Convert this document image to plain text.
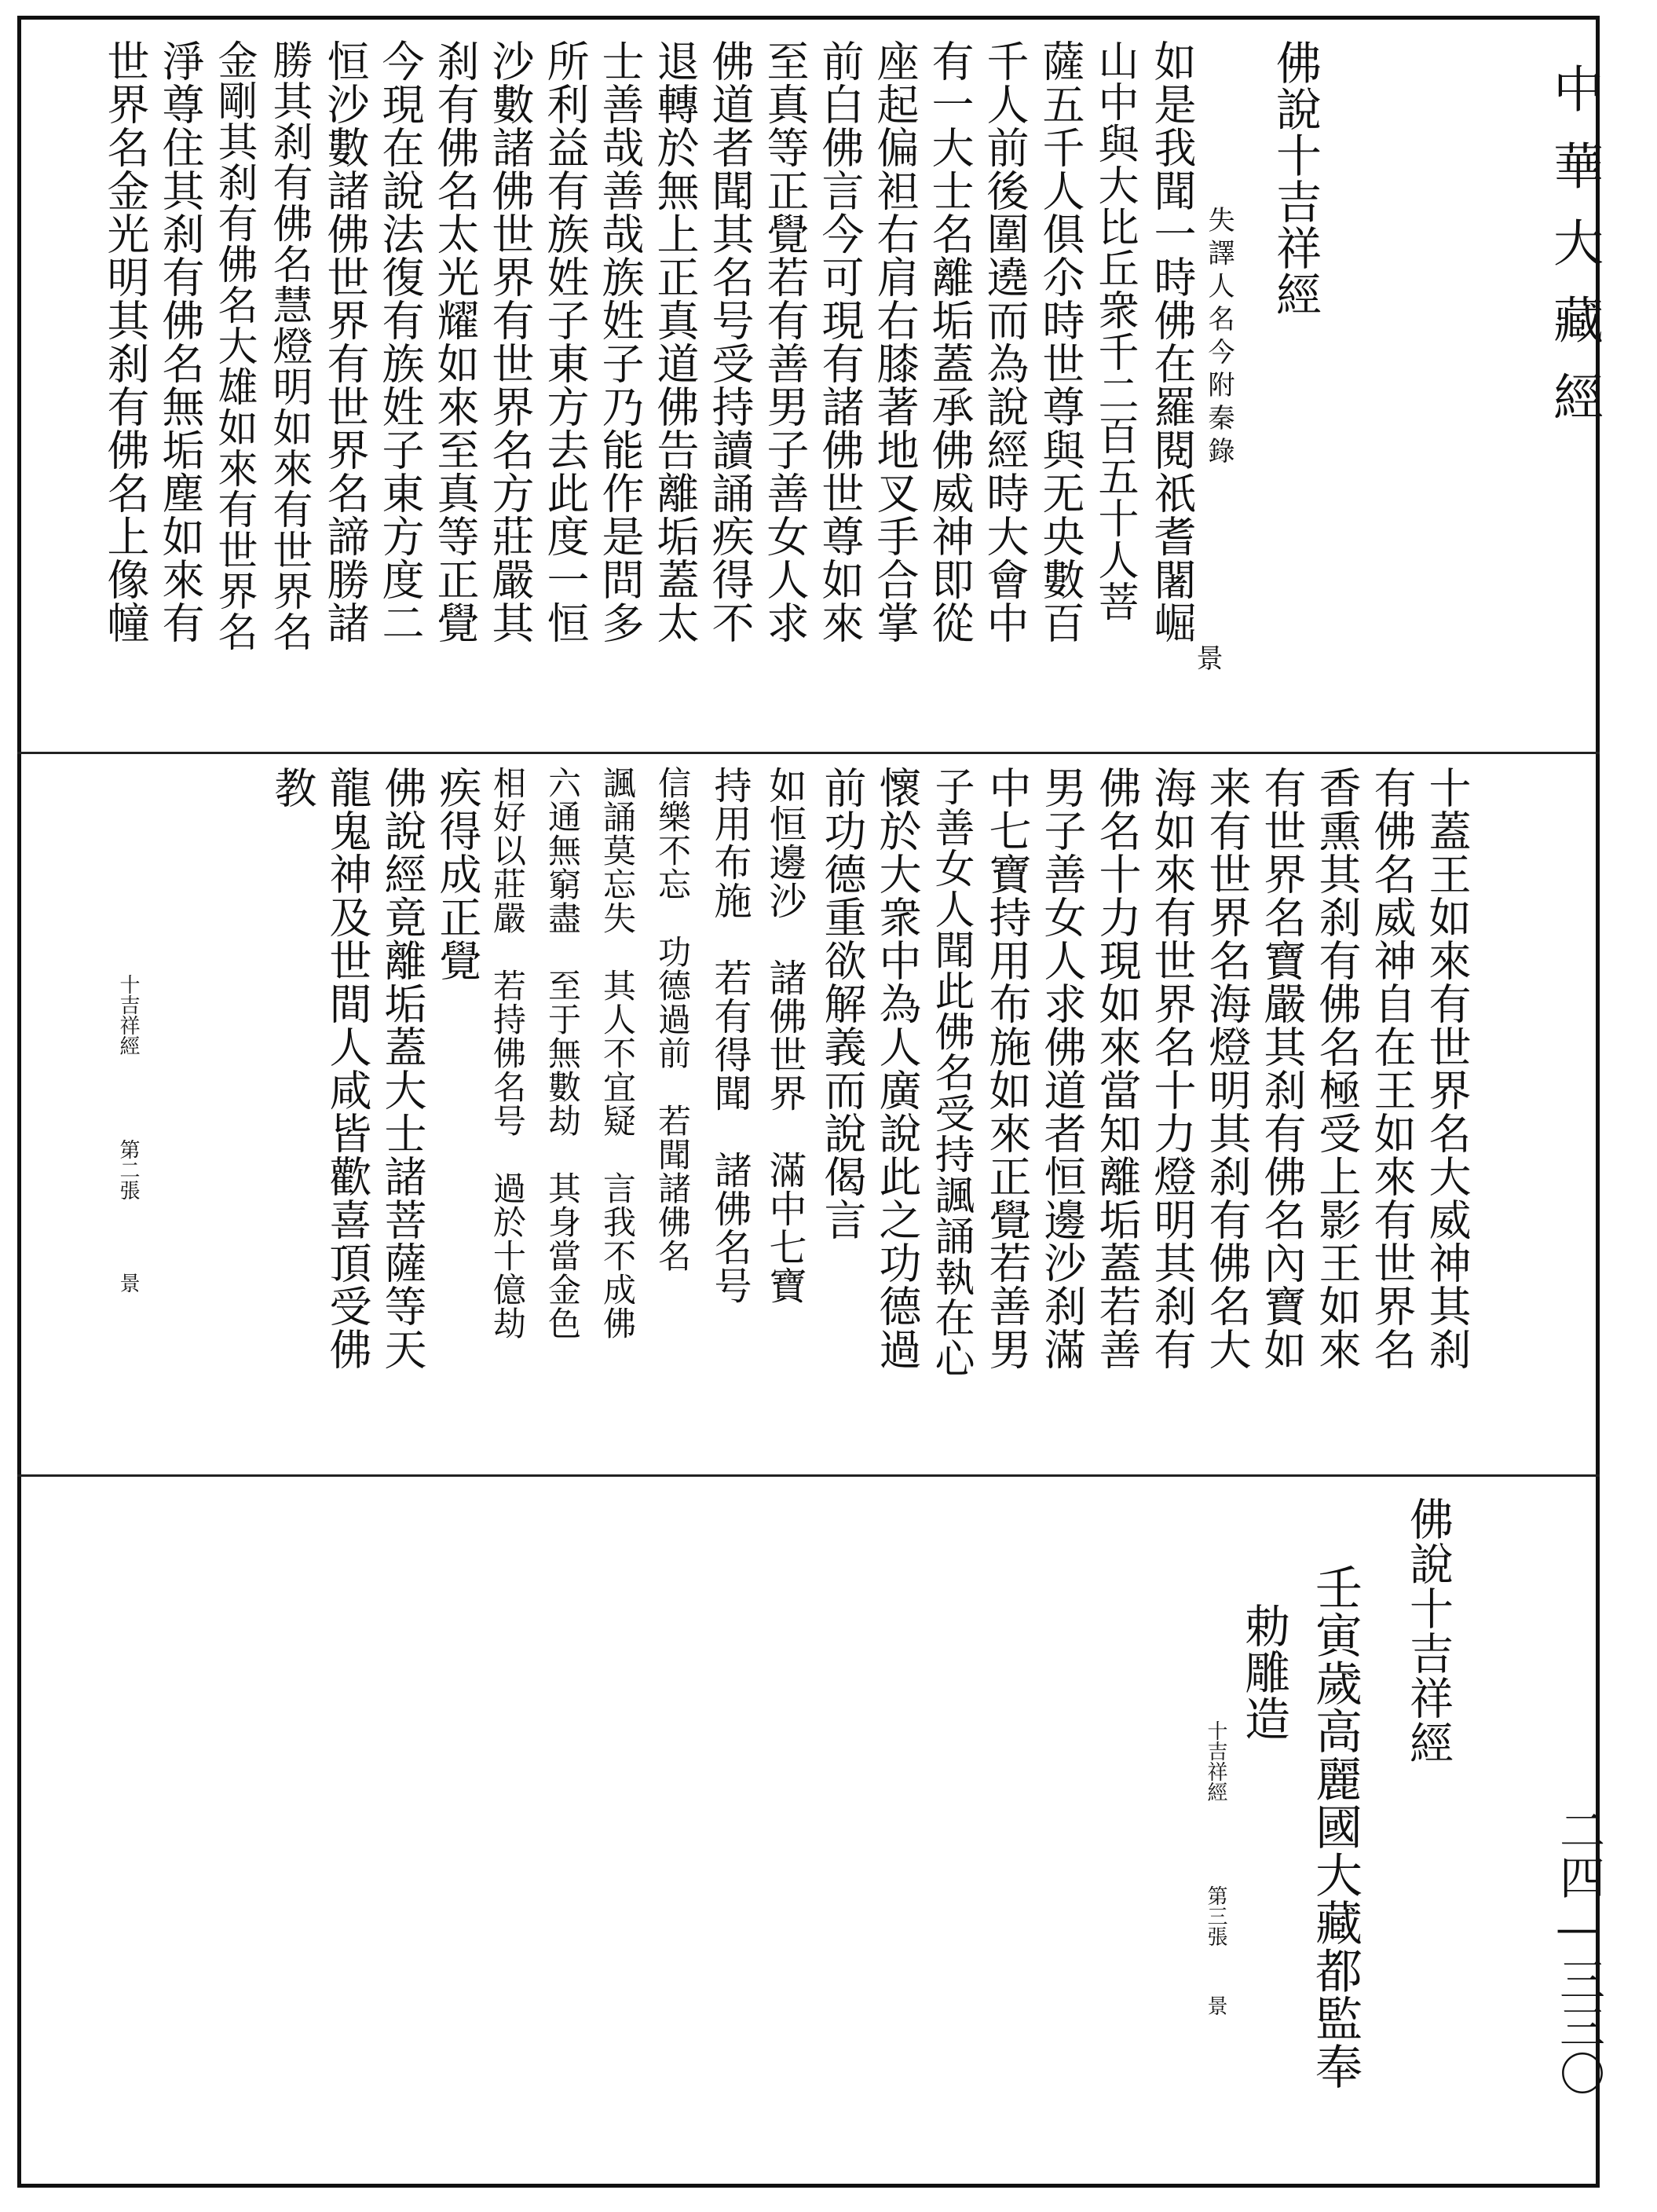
中華大藏經
二四—三三〇
佛說十吉祥經
失譯人名今附秦錄
景
如是我聞一時佛在羅閱祇耆闍崛
山中與大比丘衆千二百五十人菩
薩五千人俱尒時世尊與无央數百
千人前後圍遶而為說經時大會中
有一大士名離垢蓋承佛威神即從
座起偏袒右肩右膝著地叉手合掌
前白佛言今可現有諸佛世尊如來
至真等正覺若有善男子善女人求
佛道者聞其名号受持讀誦疾得不
退轉於無上正真道佛告離垢蓋太
士善哉善哉族姓子乃能作是問多
所利益有族姓子東方去此度一恒
沙數諸佛世界有世界名方莊嚴其
刹有佛名太光耀如來至真等正覺
今現在說法復有族姓子東方度二
恒沙數諸佛世界有世界名諦勝諸
勝其刹有佛名慧燈明如來有世界名
金剛其刹有佛名大雄如來有世界名
淨尊住其刹有佛名無垢塵如來有
世界名金光明其刹有佛名上像幢
十蓋王如來有世界名大威神其刹
有佛名威神自在王如來有世界名
香熏其刹有佛名極受上影王如來
有世界名寶嚴其刹有佛名內寶如
来有世界名海燈明其刹有佛名大
海如來有世界名十力燈明其刹有
佛名十力現如來當知離垢蓋若善
男子善女人求佛道者恒邊沙刹滿
中七寶持用布施如來正覺若善男
子善女人聞此佛名受持諷誦執在心
懷於大衆中為人廣說此之功德過
前功德重欲解義而說偈言
如恒邊沙　諸佛世界　滿中七寶
持用布施　若有得聞　諸佛名号
信樂不忘　功德過前　若聞諸佛名
諷誦莫忘失　其人不宜疑　言我不成佛
六通無窮盡　至于無數劫　其身當金色
相好以莊嚴　若持佛名号　過於十億劫
疾得成正覺
佛說經竟離垢蓋大士諸菩薩等天
龍鬼神及世間人咸皆歡喜頂受佛
教
十吉祥經
第二張
景
佛說十吉祥經
壬寅歲高麗國大藏都監奉
勅雕造
十吉祥經
第三張
景
